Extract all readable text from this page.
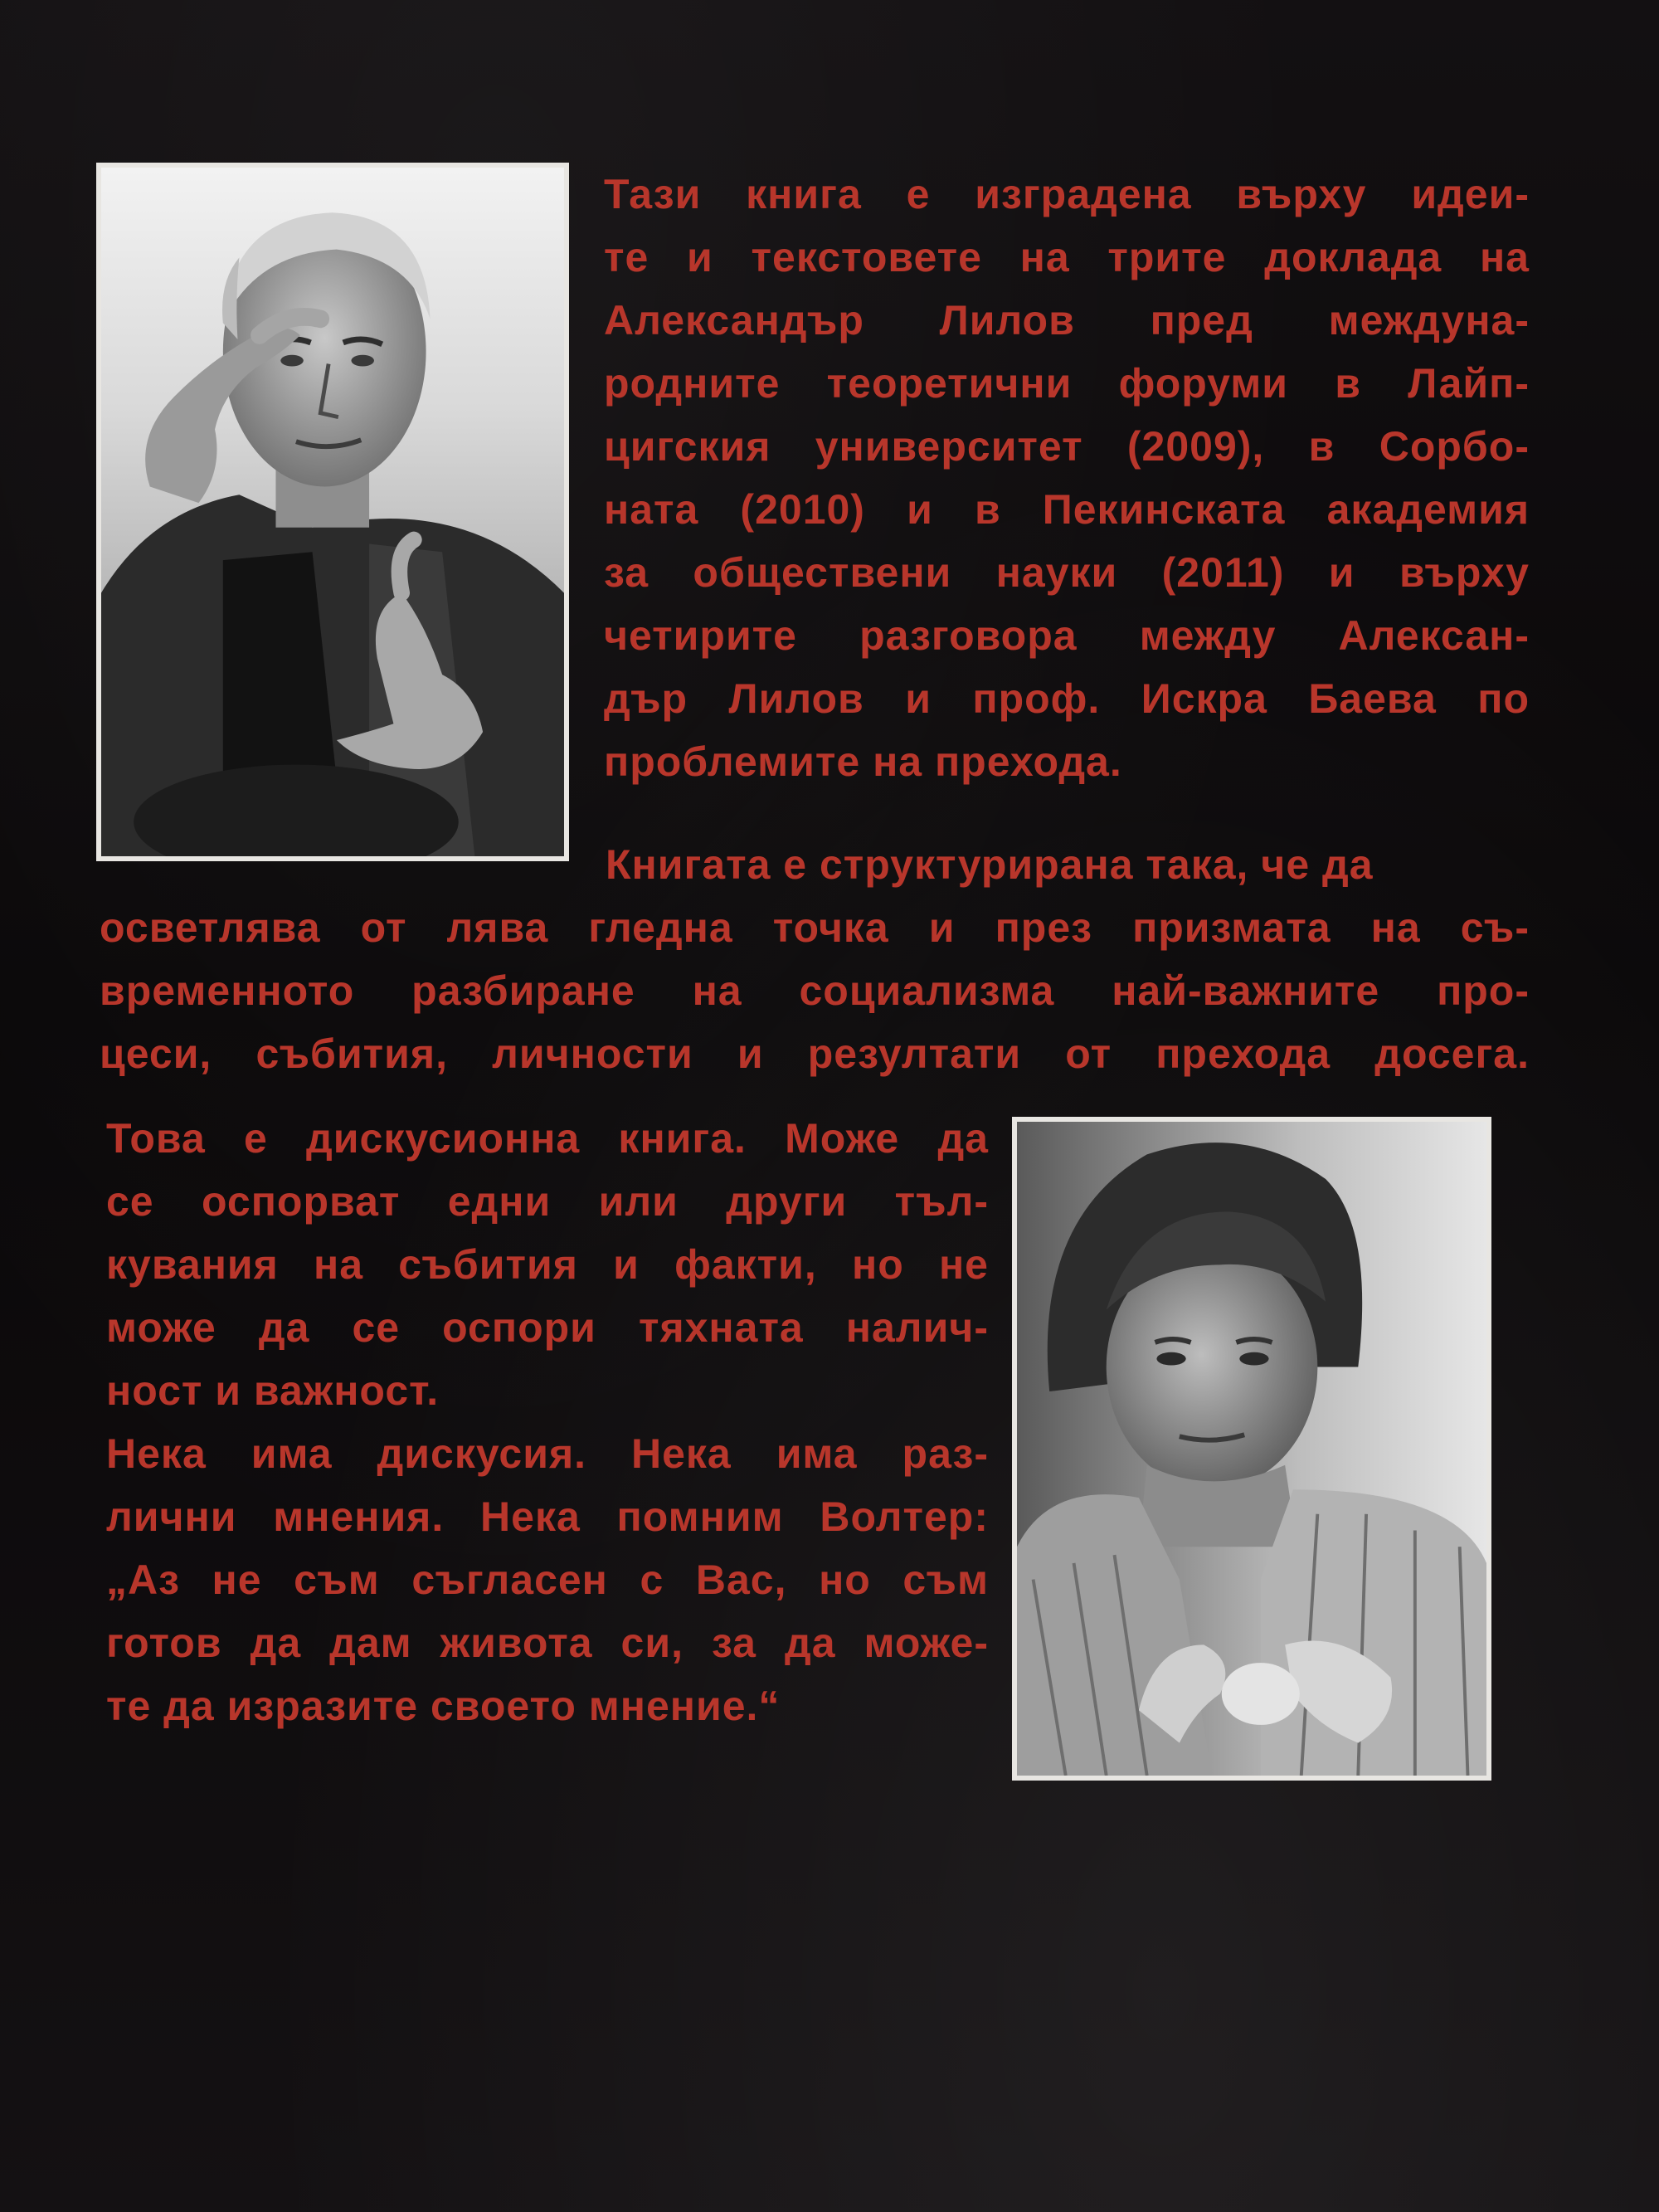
Тази книга е изградена върху идеи-
те и текстовете на трите доклада на
Александър Лилов пред междуна-
родните теоретични форуми в Лайп-
цигския университет (2009), в Сорбо-
ната (2010) и в Пекинската академия
за обществени науки (2011) и върху
четирите разговора между Алексан-
дър Лилов и проф. Искра Баева по
проблемите на прехода.
Книгата е структурирана така, че да
осветлява от лява гледна точка и през призмата на съ-
временното разбиране на социализма най-важните про-
цеси, събития, личности и резултати от прехода досега.
Това е дискусионна книга. Може да
се оспорват едни или други тъл-
кувания на събития и факти, но не
може да се оспори тяхната налич-
ност и важност.
Нека има дискусия. Нека има раз-
лични мнения. Нека помним Волтер:
„Аз не съм съгласен с Вас, но съм
готов да дам живота си, за да може-
те да изразите своето мнение.“
